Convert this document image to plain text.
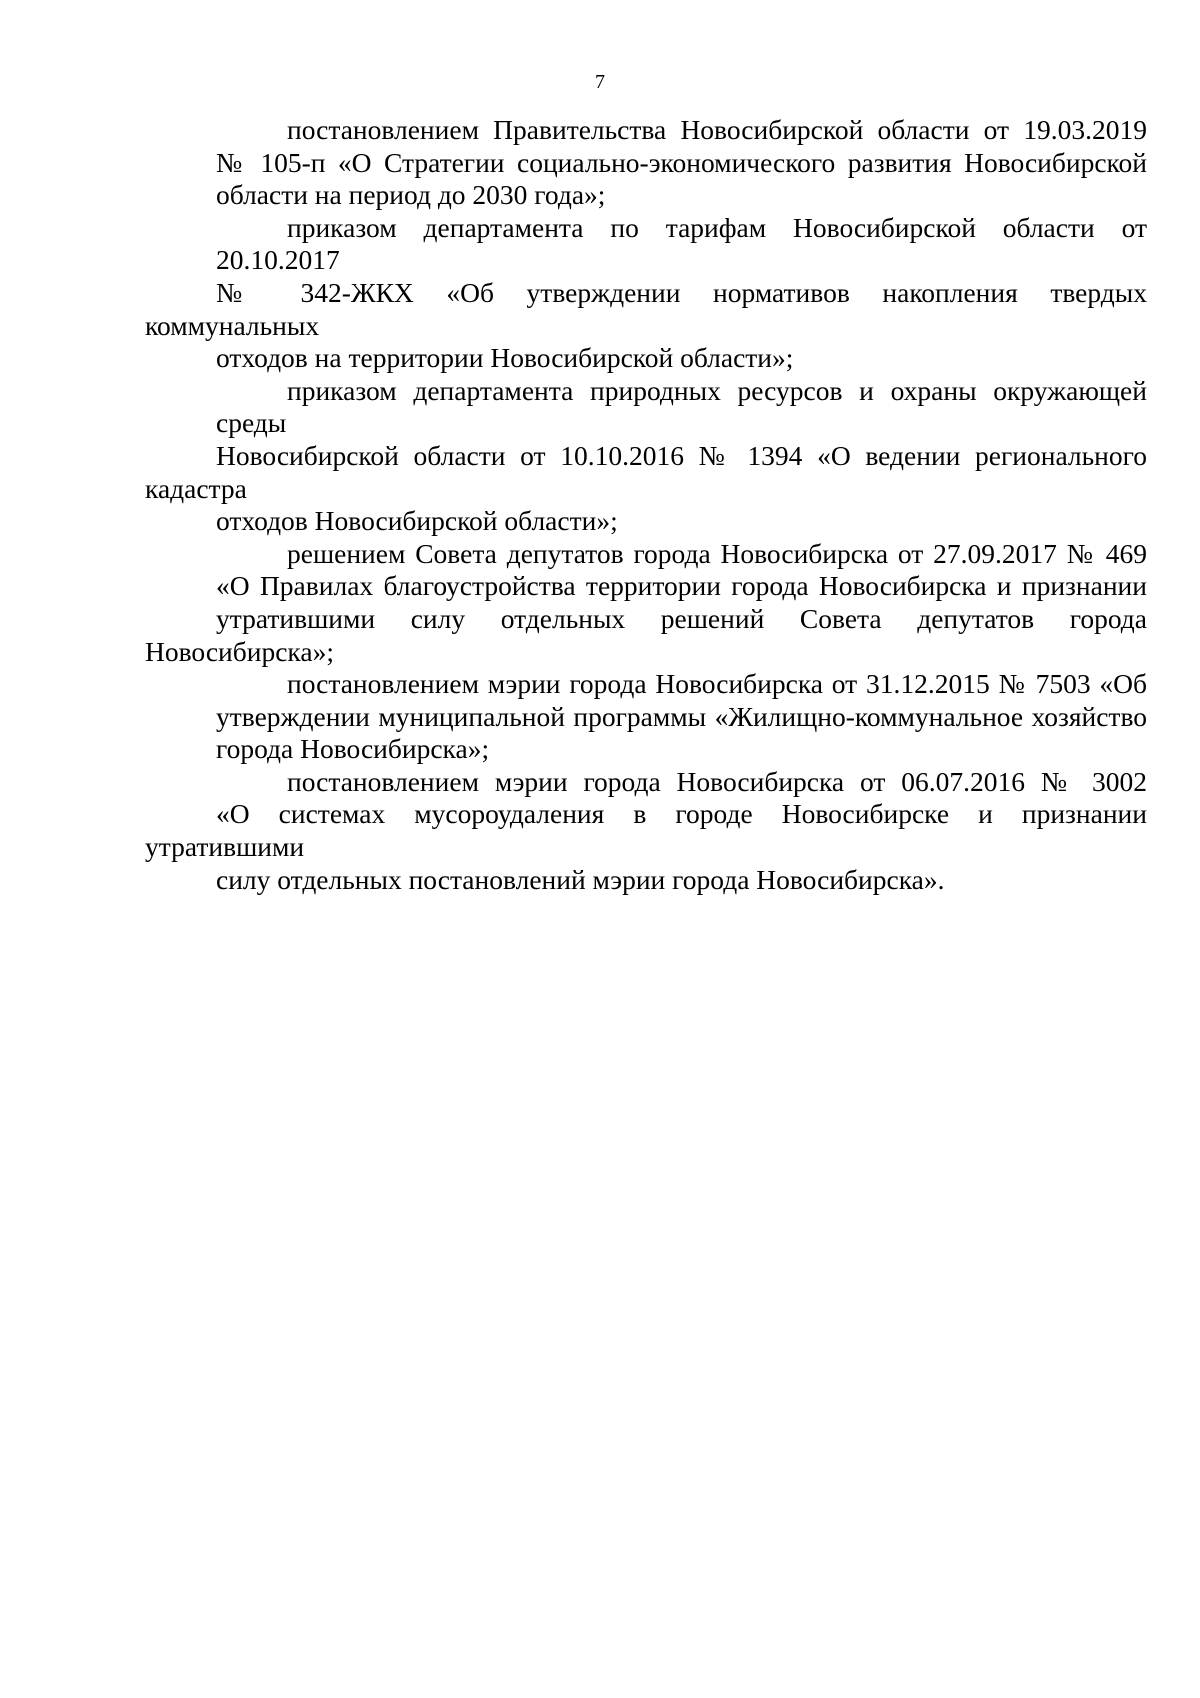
7
постановлением Правительства Новосибирской области от 19.03.2019
№ 105-п «О Стратегии социально-экономического развития Новосибирской
области на период до 2030 года»;
приказом департамента по тарифам Новосибирской области от 20.10.2017
№ 342-ЖКХ «Об утверждении нормативов накопления твердых коммунальных
отходов на территории Новосибирской области»;
приказом департамента природных ресурсов и охраны окружающей среды
Новосибирской области от 10.10.2016 № 1394 «О ведении регионального кадастра
отходов Новосибирской области»;
решением Совета депутатов города Новосибирска от 27.09.2017 № 469
«О Правилах благоустройства территории города Новосибирска и признании
утратившими силу отдельных решений Совета депутатов города Новосибирска»;
постановлением мэрии города Новосибирска от 31.12.2015 № 7503 «Об
утверждении муниципальной программы «Жилищно-коммунальное хозяйство
города Новосибирска»;
постановлением мэрии города Новосибирска от 06.07.2016 № 3002
«О системах мусороудаления в городе Новосибирске и признании утратившими
силу отдельных постановлений мэрии города Новосибирска».
